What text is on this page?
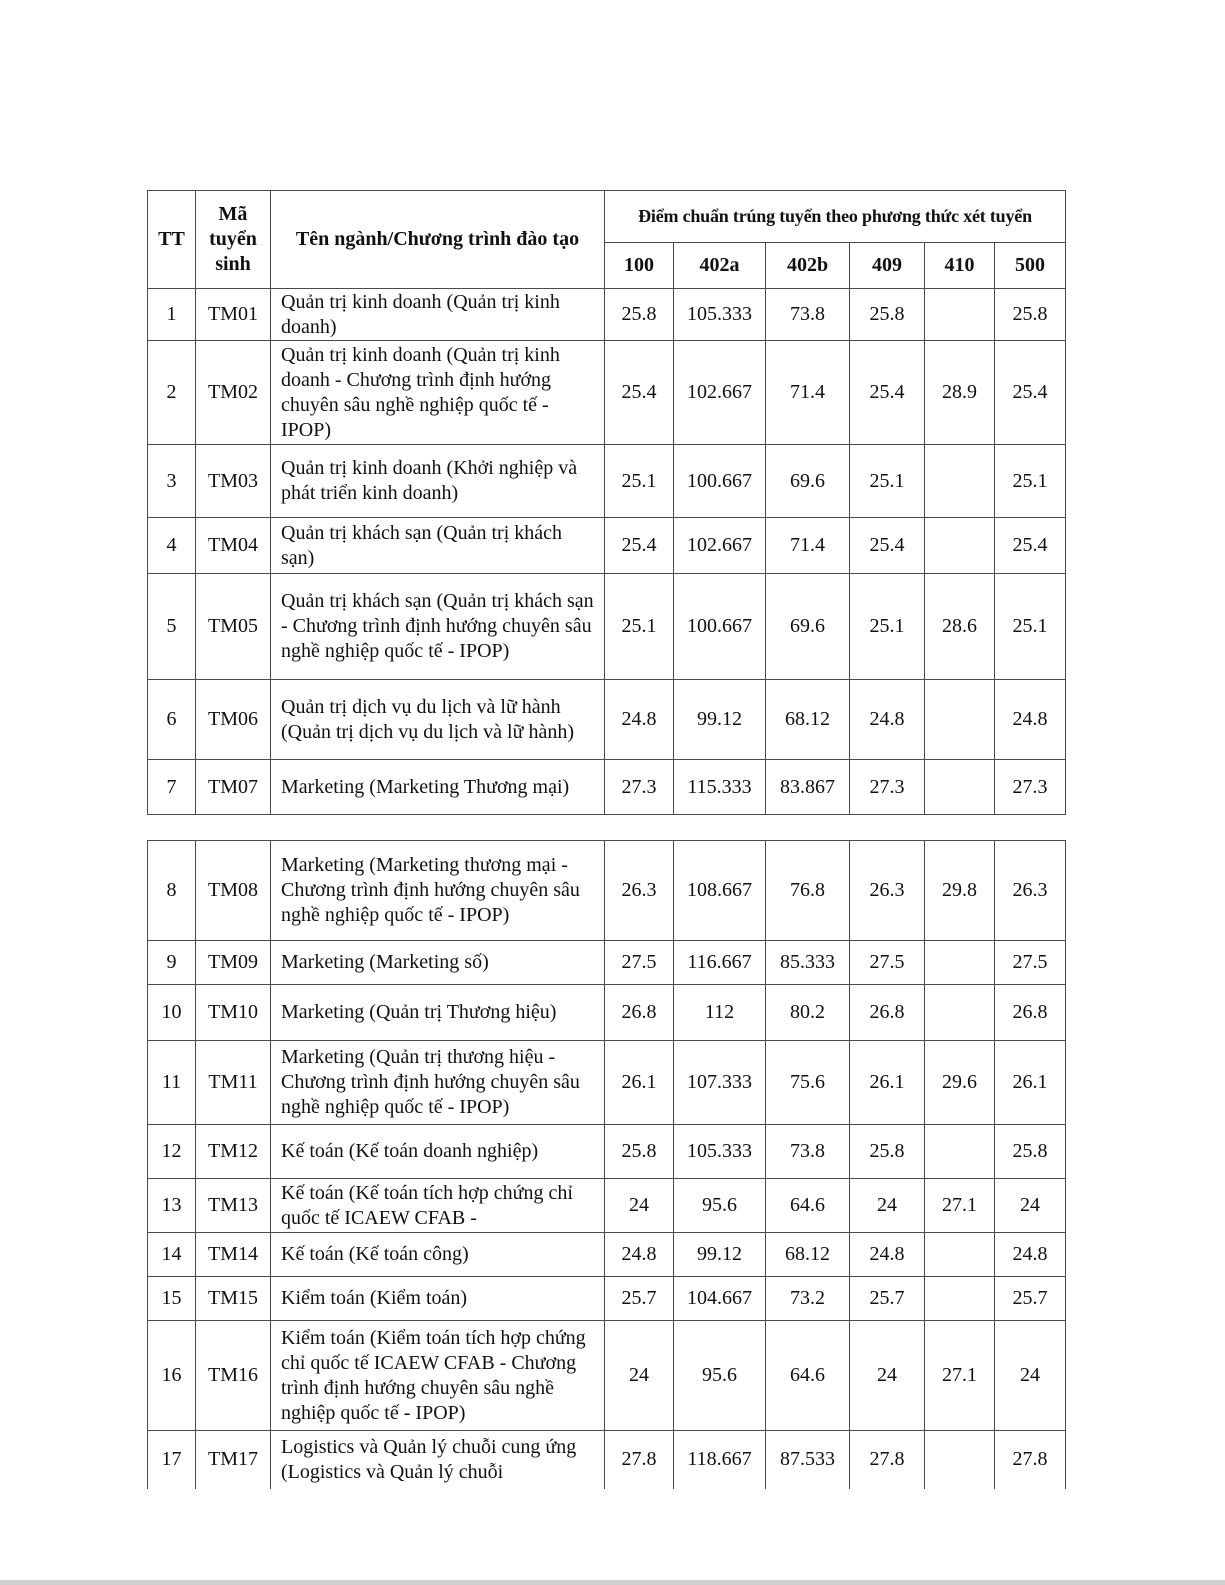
TT	Mã tuyển sinh	Tên ngành/Chương trình đào tạo	Điểm chuẩn trúng tuyển theo phương thức xét tuyển					
			100	402a	402b	409	410	500
1	TM01	Quản trị kinh doanh (Quản trị kinh doanh)	25.8	105.333	73.8	25.8		25.8
2	TM02	Quản trị kinh doanh (Quản trị kinh doanh - Chương trình định hướng chuyên sâu nghề nghiệp quốc tế - IPOP)	25.4	102.667	71.4	25.4	28.9	25.4
3	TM03	Quản trị kinh doanh (Khởi nghiệp và phát triển kinh doanh)	25.1	100.667	69.6	25.1		25.1
4	TM04	Quản trị khách sạn (Quản trị khách sạn)	25.4	102.667	71.4	25.4		25.4
5	TM05	Quản trị khách sạn (Quản trị khách sạn - Chương trình định hướng chuyên sâu nghề nghiệp quốc tế - IPOP)	25.1	100.667	69.6	25.1	28.6	25.1
6	TM06	Quản trị dịch vụ du lịch và lữ hành (Quản trị dịch vụ du lịch và lữ hành)	24.8	99.12	68.12	24.8		24.8
7	TM07	Marketing (Marketing Thương mại)	27.3	115.333	83.867	27.3		27.3
8	TM08	Marketing (Marketing thương mại - Chương trình định hướng chuyên sâu nghề nghiệp quốc tế - IPOP)	26.3	108.667	76.8	26.3	29.8	26.3
9	TM09	Marketing (Marketing số)	27.5	116.667	85.333	27.5		27.5
10	TM10	Marketing (Quản trị Thương hiệu)	26.8	112	80.2	26.8		26.8
11	TM11	Marketing (Quản trị thương hiệu - Chương trình định hướng chuyên sâu nghề nghiệp quốc tế - IPOP)	26.1	107.333	75.6	26.1	29.6	26.1
12	TM12	Kế toán (Kế toán doanh nghiệp)	25.8	105.333	73.8	25.8		25.8
13	TM13	Kế toán (Kế toán tích hợp chứng chỉ quốc tế ICAEW CFAB -	24	95.6	64.6	24	27.1	24
14	TM14	Kế toán (Kế toán công)	24.8	99.12	68.12	24.8		24.8
15	TM15	Kiểm toán (Kiểm toán)	25.7	104.667	73.2	25.7		25.7
16	TM16	Kiểm toán (Kiểm toán tích hợp chứng chỉ quốc tế ICAEW CFAB - Chương trình định hướng chuyên sâu nghề nghiệp quốc tế - IPOP)	24	95.6	64.6	24	27.1	24
17	TM17	Logistics và Quản lý chuỗi cung ứng (Logistics và Quản lý chuỗi	27.8	118.667	87.533	27.8		27.8
